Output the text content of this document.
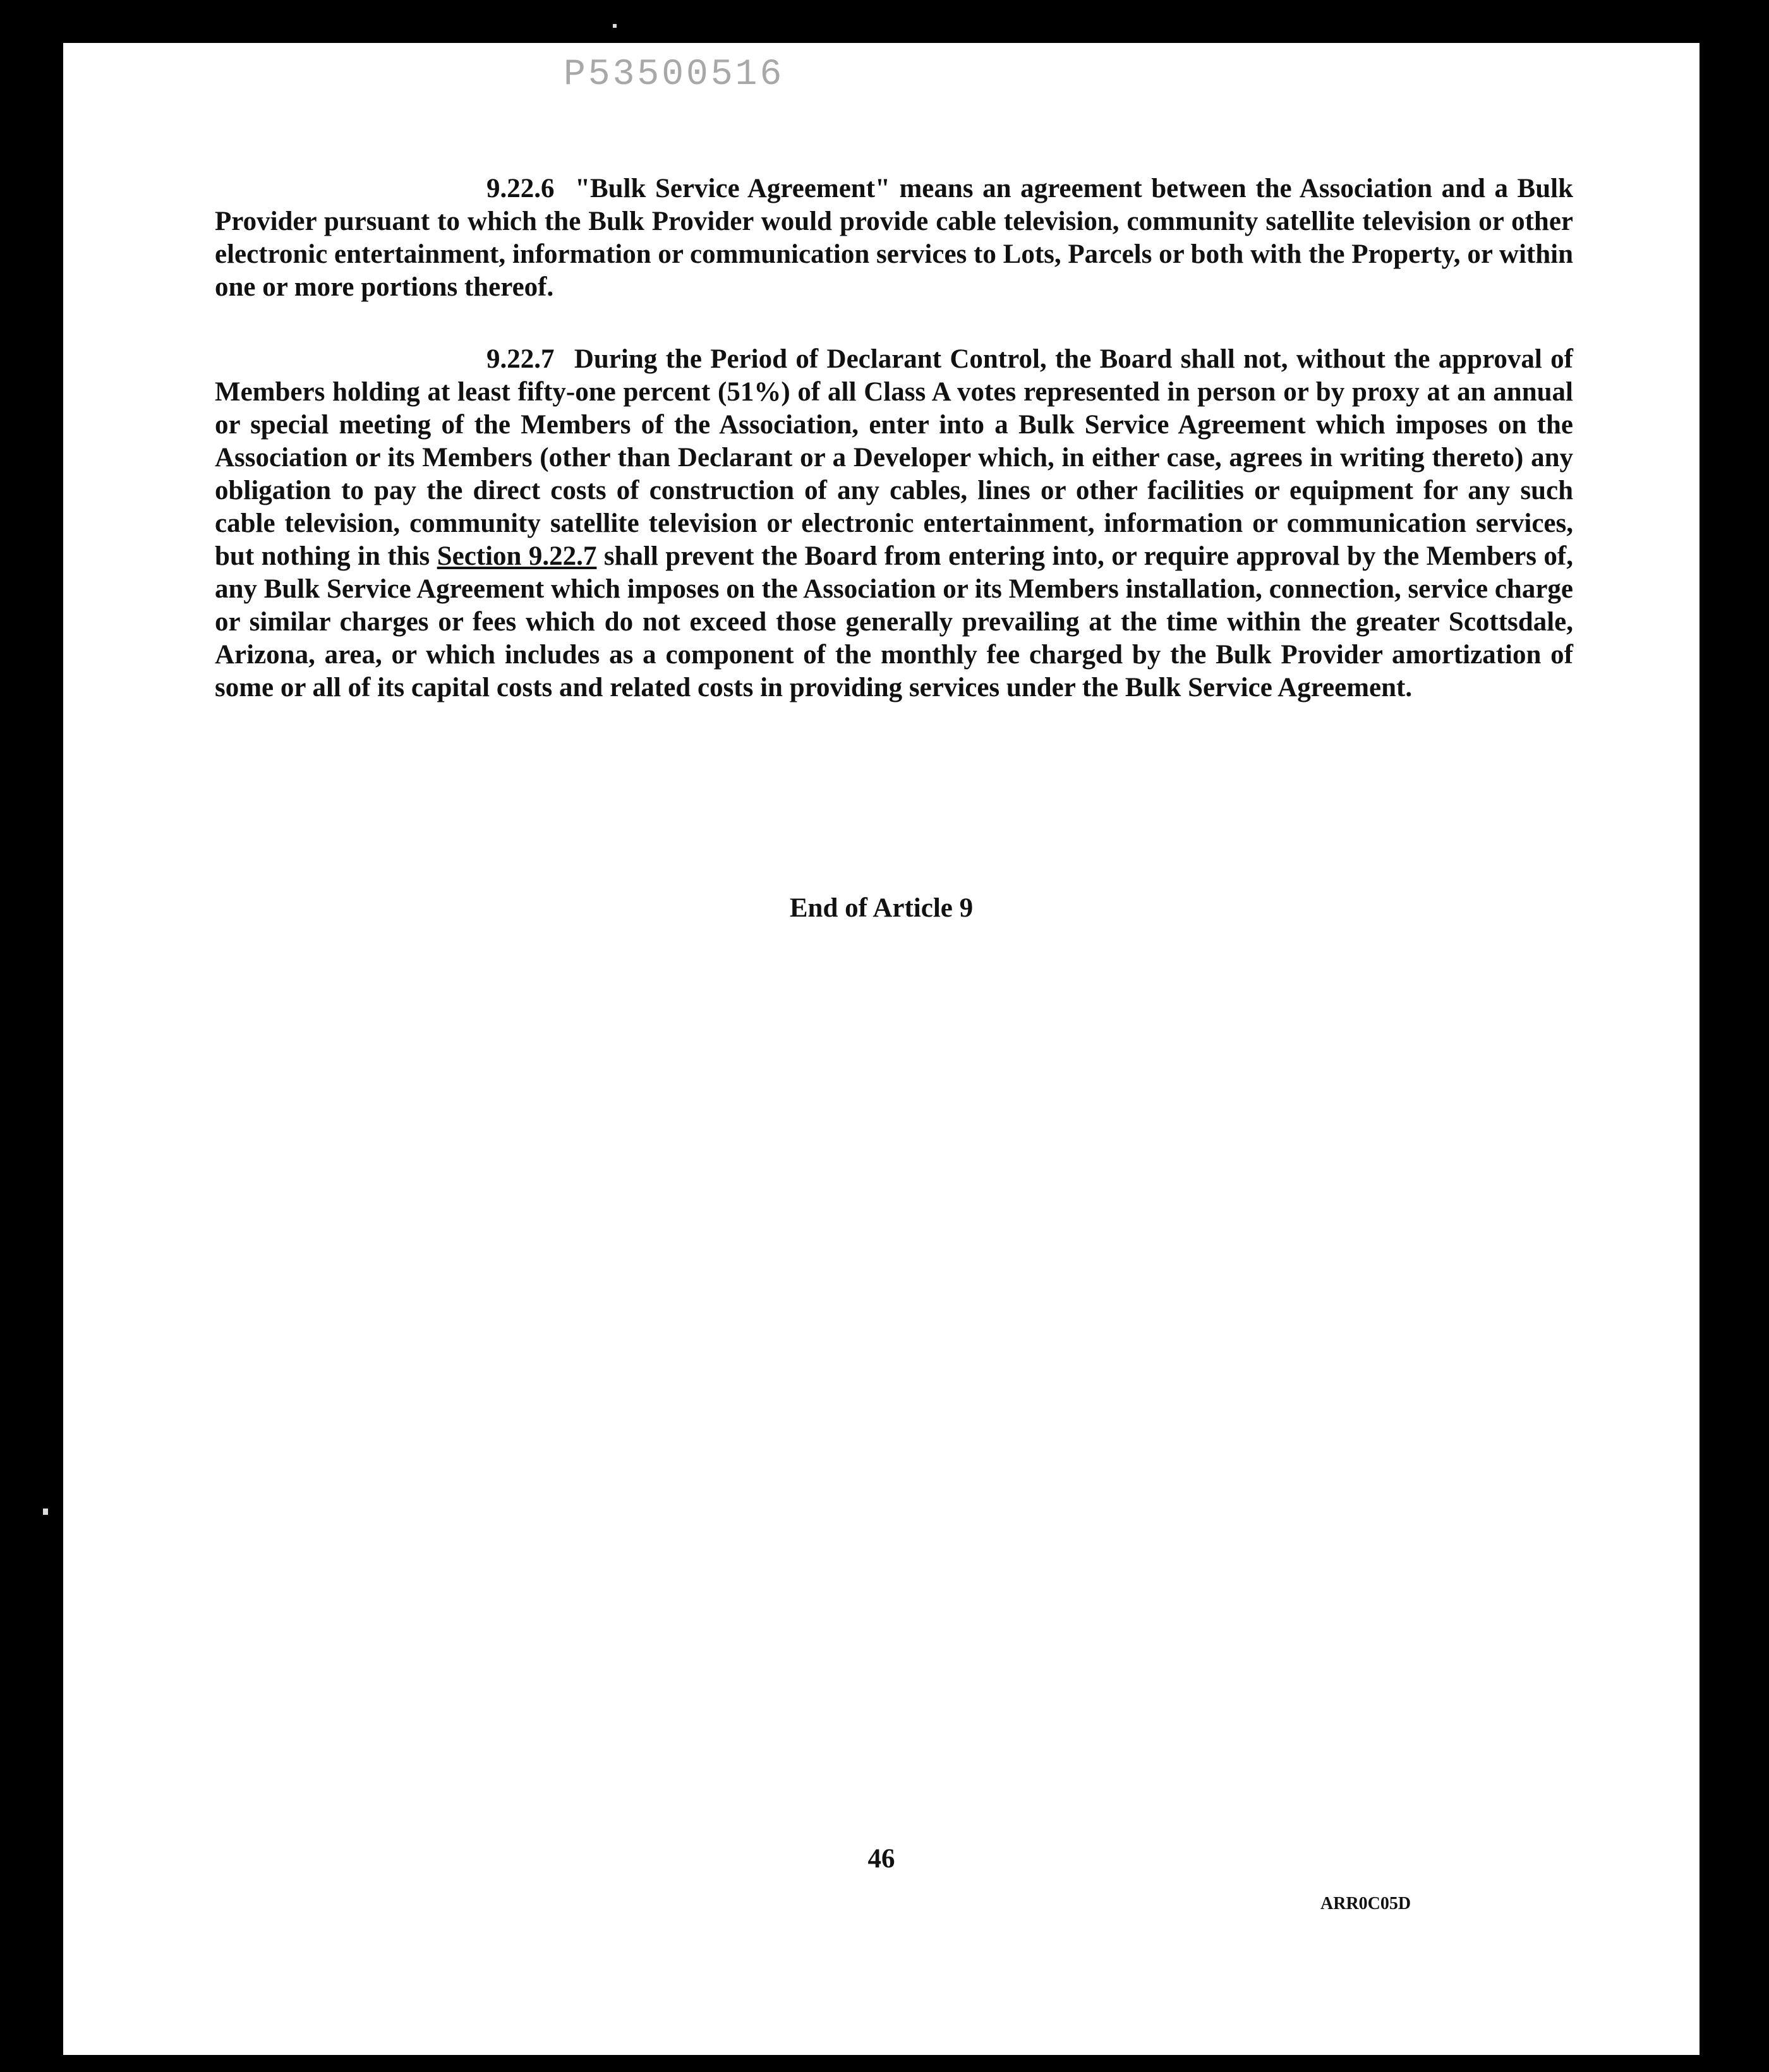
P53500516

9.22.6 "Bulk Service Agreement" means an agreement between the Association and a Bulk Provider pursuant to which the Bulk Provider would provide cable television, community satellite television or other electronic entertainment, information or communication services to Lots, Parcels or both with the Property, or within one or more portions thereof.

9.22.7 During the Period of Declarant Control, the Board shall not, without the approval of Members holding at least fifty-one percent (51%) of all Class A votes represented in person or by proxy at an annual or special meeting of the Members of the Association, enter into a Bulk Service Agreement which imposes on the Association or its Members (other than Declarant or a Developer which, in either case, agrees in writing thereto) any obligation to pay the direct costs of construction of any cables, lines or other facilities or equipment for any such cable television, community satellite television or electronic entertainment, information or communication services, but nothing in this Section 9.22.7 shall prevent the Board from entering into, or require approval by the Members of, any Bulk Service Agreement which imposes on the Association or its Members installation, connection, service charge or similar charges or fees which do not exceed those generally prevailing at the time within the greater Scottsdale, Arizona, area, or which includes as a component of the monthly fee charged by the Bulk Provider amortization of some or all of its capital costs and related costs in providing services under the Bulk Service Agreement.

End of Article 9

46
ARR0C05D
